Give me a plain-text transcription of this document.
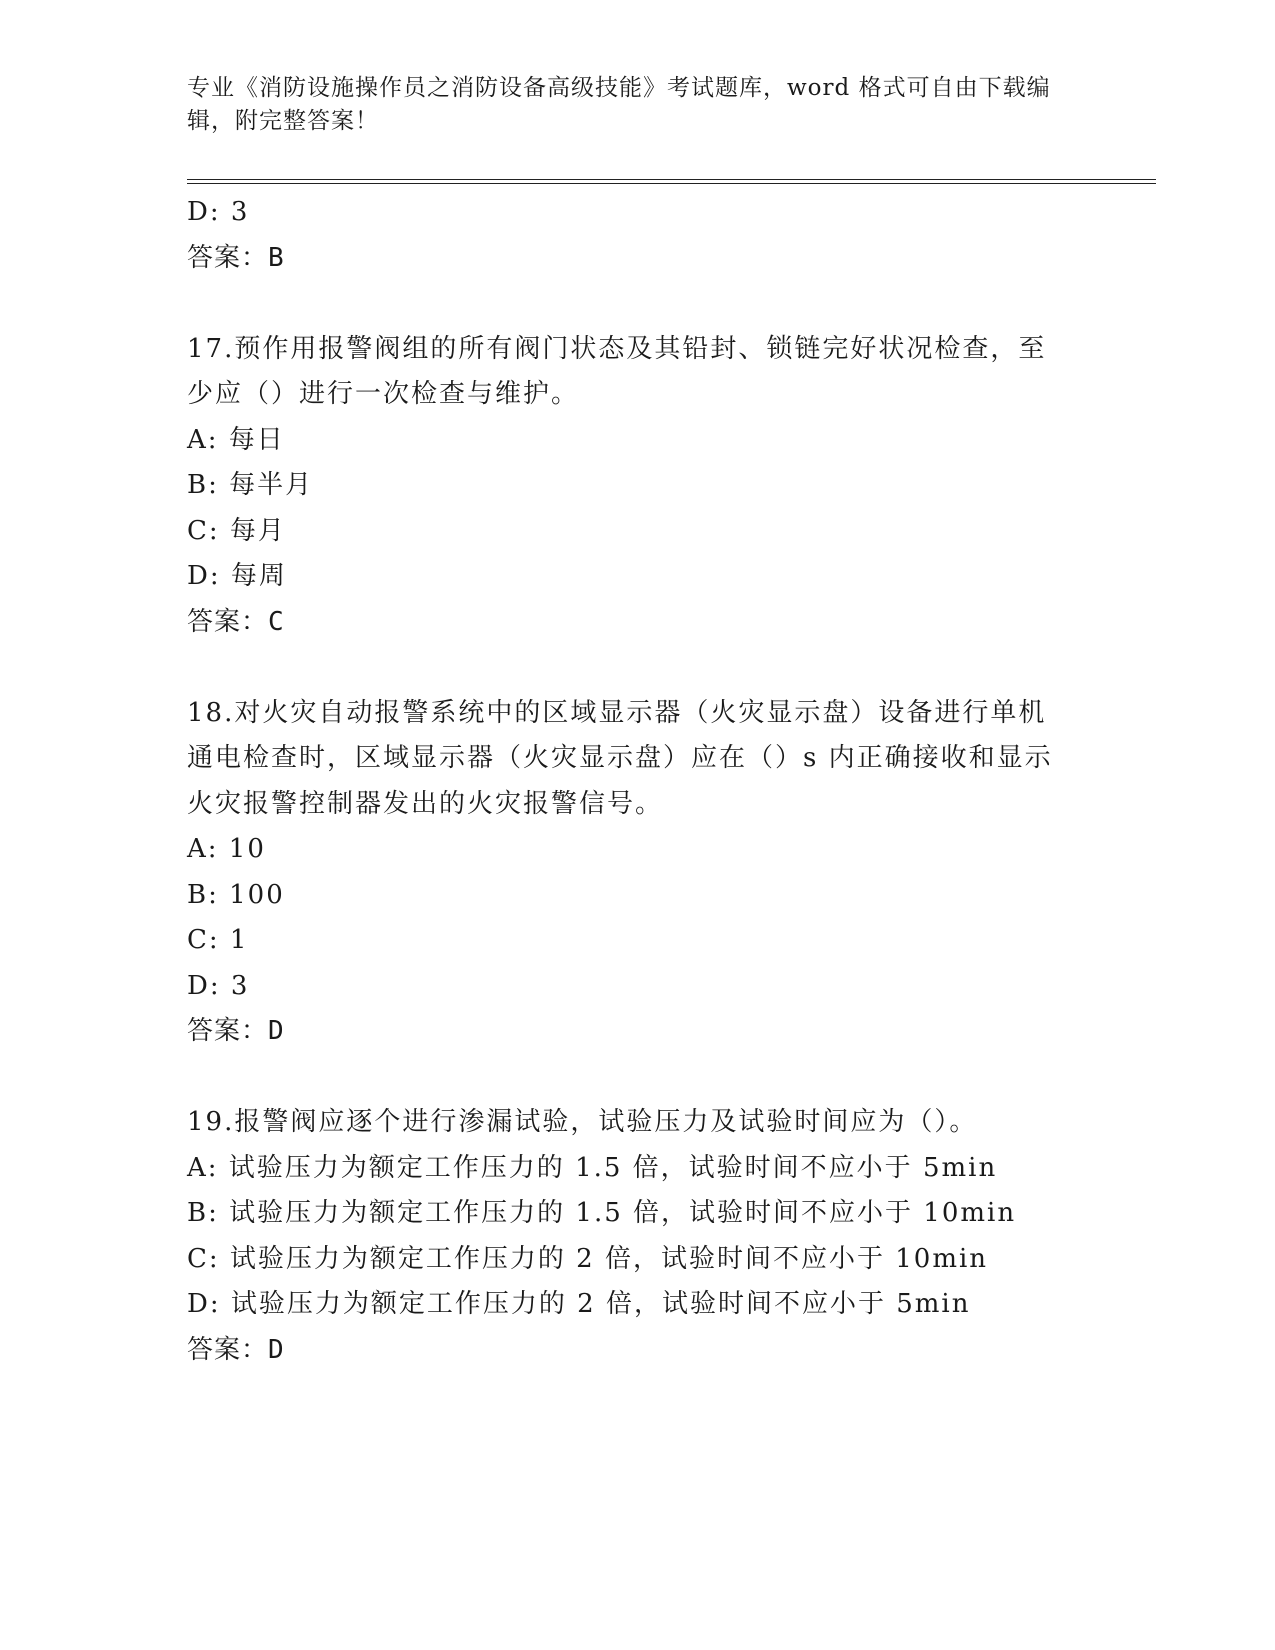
专业《消防设施操作员之消防设备高级技能》考试题库，word 格式可自由下载编辑，附完整答案！
D: 3
答案：B
17.预作用报警阀组的所有阀门状态及其铅封、锁链完好状况检查，至
少应（）进行一次检查与维护。
A: 每日
B: 每半月
C: 每月
D: 每周
答案：C
18.对火灾自动报警系统中的区域显示器（火灾显示盘）设备进行单机
通电检查时，区域显示器（火灾显示盘）应在（）s 内正确接收和显示
火灾报警控制器发出的火灾报警信号。
A: 10
B: 100
C: 1
D: 3
答案：D
19.报警阀应逐个进行渗漏试验，试验压力及试验时间应为（）。
A: 试验压力为额定工作压力的 1.5 倍，试验时间不应小于 5min
B: 试验压力为额定工作压力的 1.5 倍，试验时间不应小于 10min
C: 试验压力为额定工作压力的 2 倍，试验时间不应小于 10min
D: 试验压力为额定工作压力的 2 倍，试验时间不应小于 5min
答案：D
